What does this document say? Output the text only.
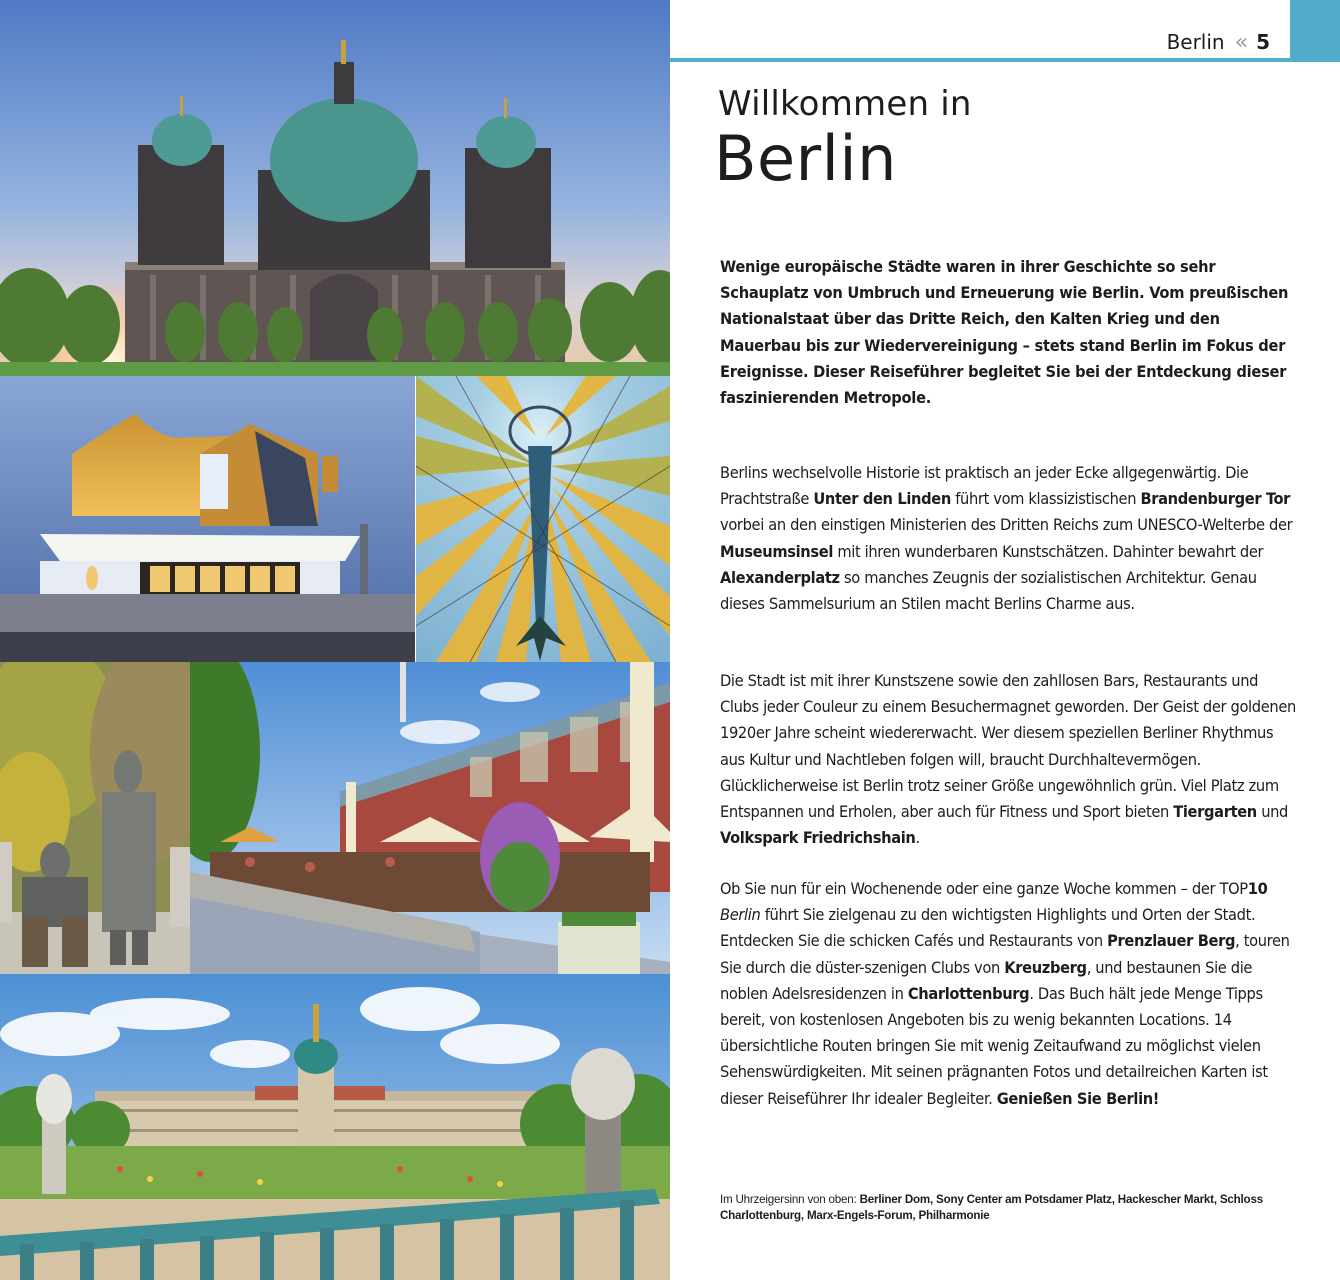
Berlin « 5
Willkommen in
Berlin

Wenige europäische Städte waren in ihrer Geschichte so sehr Schauplatz von Umbruch und Erneuerung wie Berlin. Vom preußischen Nationalstaat über das Dritte Reich, den Kalten Krieg und den Mauerbau bis zur Wiedervereinigung – stets stand Berlin im Fokus der Ereignisse. Dieser Reiseführer begleitet Sie bei der Entdeckung dieser faszinierenden Metropole.

Berlins wechselvolle Historie ist praktisch an jeder Ecke allgegenwärtig. Die Prachtstraße Unter den Linden führt vom klassizistischen Brandenburger Tor vorbei an den einstigen Ministerien des Dritten Reichs zum UNESCO-Welterbe der Museumsinsel mit ihren wunderbaren Kunstschätzen. Dahinter bewahrt der Alexanderplatz so manches Zeugnis der sozialistischen Architektur. Genau dieses Sammelsurium an Stilen macht Berlins Charme aus.

Die Stadt ist mit ihrer Kunstszene sowie den zahllosen Bars, Restaurants und Clubs jeder Couleur zu einem Besuchermagnet geworden. Der Geist der goldenen 1920er Jahre scheint wiedererwacht. Wer diesem speziellen Berliner Rhythmus aus Kultur und Nachtleben folgen will, braucht Durchhaltevermögen. Glücklicherweise ist Berlin trotz seiner Größe ungewöhnlich grün. Viel Platz zum Entspannen und Erholen, aber auch für Fitness und Sport bieten Tiergarten und Volkspark Friedrichshain.

Ob Sie nun für ein Wochenende oder eine ganze Woche kommen – der TOP10 Berlin führt Sie zielgenau zu den wichtigsten Highlights und Orten der Stadt. Entdecken Sie die schicken Cafés und Restaurants von Prenzlauer Berg, touren Sie durch die düster-szenigen Clubs von Kreuzberg, und bestaunen Sie die noblen Adelsresidenzen in Charlottenburg. Das Buch hält jede Menge Tipps bereit, von kostenlosen Angeboten bis zu wenig bekannten Locations. 14 übersichtliche Routen bringen Sie mit wenig Zeitaufwand zu möglichst vielen Sehenswürdigkeiten. Mit seinen prägnanten Fotos und detailreichen Karten ist dieser Reiseführer Ihr idealer Begleiter. Genießen Sie Berlin!

Im Uhrzeigersinn von oben: Berliner Dom, Sony Center am Potsdamer Platz, Hackescher Markt, Schloss Charlottenburg, Marx-Engels-Forum, Philharmonie
